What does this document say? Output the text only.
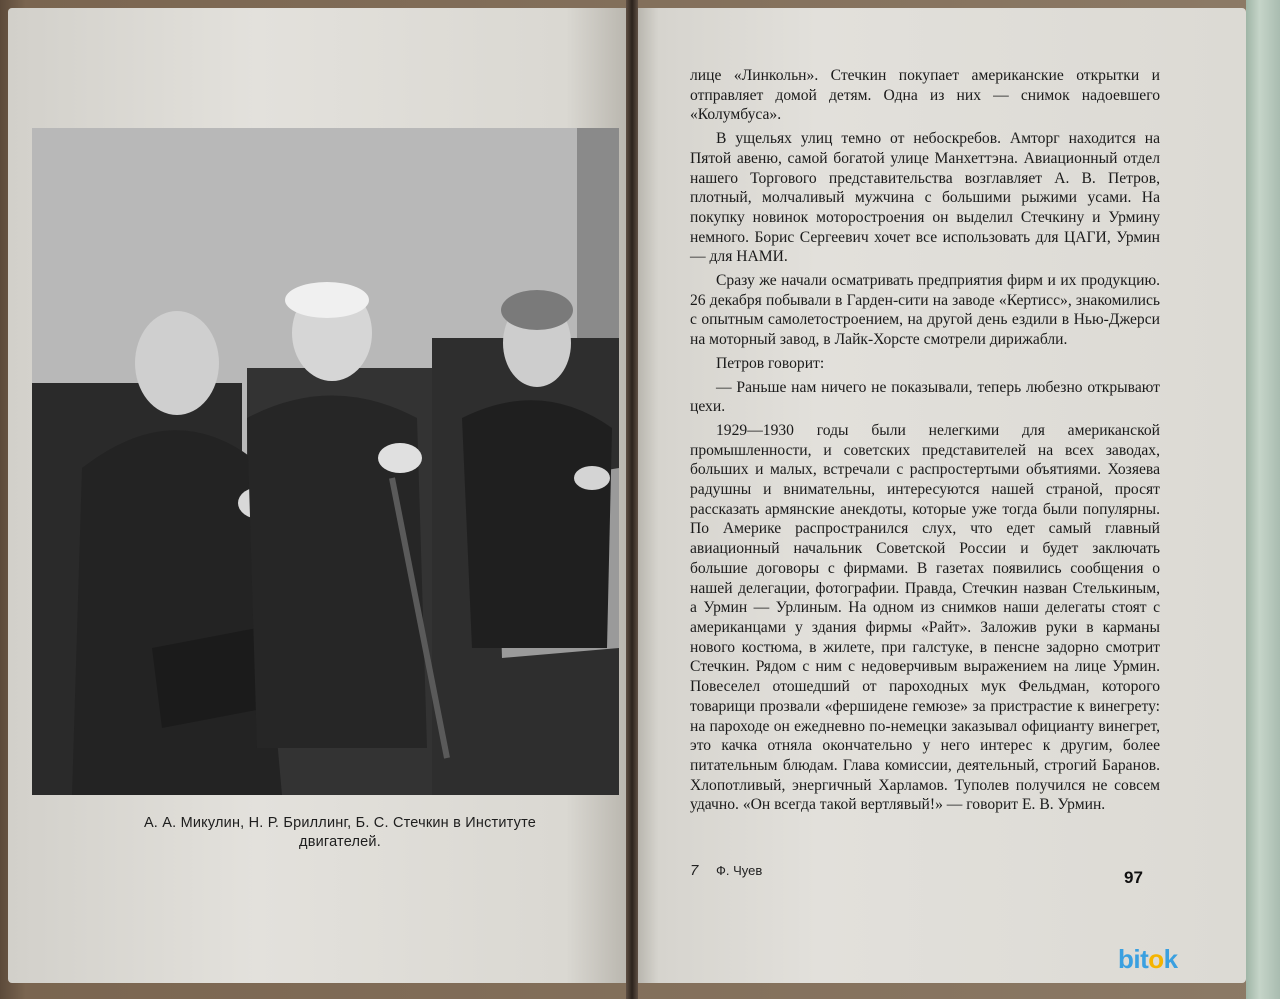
А. А. Микулин, Н. Р. Бриллинг, Б. С. Стечкин в Институте двигателей.

лице «Линкольн». Стечкин покупает американские открытки и отправляет домой детям. Одна из них — снимок надоевшего «Колумбуса».

В ущельях улиц темно от небоскребов. Амторг находится на Пятой авеню, самой богатой улице Манхеттэна. Авиационный отдел нашего Торгового представительства возглавляет А. В. Петров, плотный, молчаливый мужчина с большими рыжими усами. На покупку новинок моторостроения он выделил Стечкину и Урмину немного. Борис Сергеевич хочет все использовать для ЦАГИ, Урмин — для НАМИ.

Сразу же начали осматривать предприятия фирм и их продукцию. 26 декабря побывали в Гарден-сити на заводе «Кертисс», знакомились с опытным самолетостроением, на другой день ездили в Нью-Джерси на моторный завод, в Лайк-Хорсте смотрели дирижабли.

Петров говорит:

— Раньше нам ничего не показывали, теперь любезно открывают цехи.

1929—1930 годы были нелегкими для американской промышленности, и советских представителей на всех заводах, больших и малых, встречали с распростертыми объятиями. Хозяева радушны и внимательны, интересуются нашей страной, просят рассказать армянские анекдоты, которые уже тогда были популярны. По Америке распространился слух, что едет самый главный авиационный начальник Советской России и будет заключать большие договоры с фирмами. В газетах появились сообщения о нашей делегации, фотографии. Правда, Стечкин назван Стелькиным, а Урмин — Урлиным. На одном из снимков наши делегаты стоят с американцами у здания фирмы «Райт». Заложив руки в карманы нового костюма, в жилете, при галстуке, в пенсне задорно смотрит Стечкин. Рядом с ним с недоверчивым выражением на лице Урмин. Повеселел отошедший от пароходных мук Фельдман, которого товарищи прозвали «фершидене гемюзе» за пристрастие к винегрету: на пароходе он ежедневно по-немецки заказывал официанту винегрет, это качка отняла окончательно у него интерес к другим, более питательным блюдам. Глава комиссии, деятельный, строгий Баранов. Хлопотливый, энергичный Харламов. Туполев получился не совсем удачно. «Он всегда такой вертлявый!» — говорит Е. В. Урмин.

7 Ф. Чуев	97
bitok
